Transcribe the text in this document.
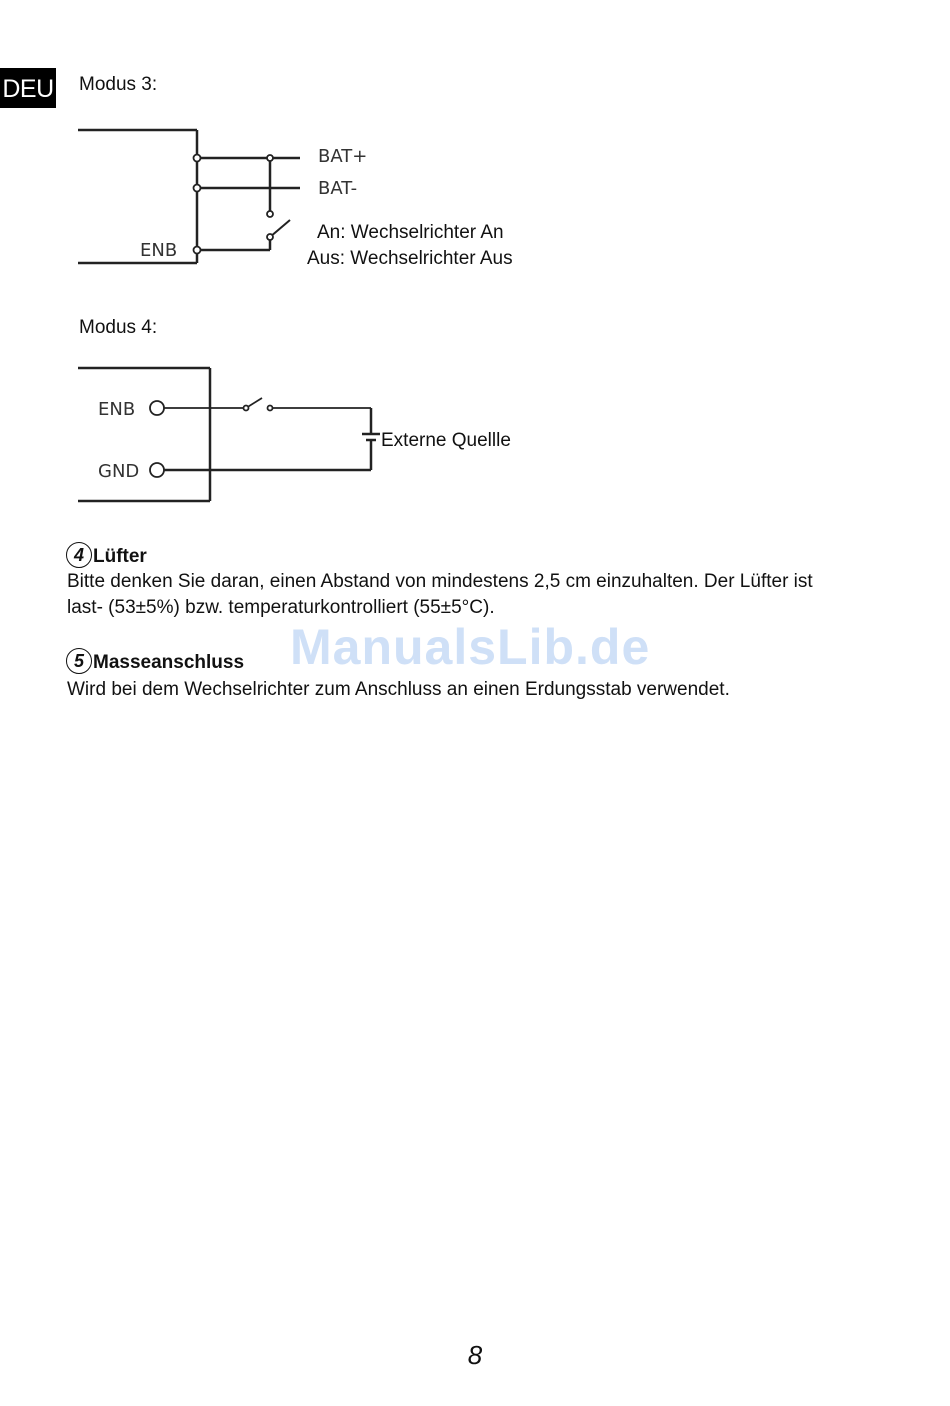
DEU Modus 3:
BAT+
BAT-
ENB
An: Wechselrichter An
Aus: Wechselrichter Aus
Modus 4:
ENB
GND
Externe Quellle
4 Lüfter
Bitte denken Sie daran, einen Abstand von mindestens 2,5 cm einzuhalten. Der Lüfter ist
last- (53±5%) bzw. temperaturkontrolliert (55±5°C).
ManualsLib.de
5 Masseanschluss
Wird bei dem Wechselrichter zum Anschluss an einen Erdungsstab verwendet.
8
